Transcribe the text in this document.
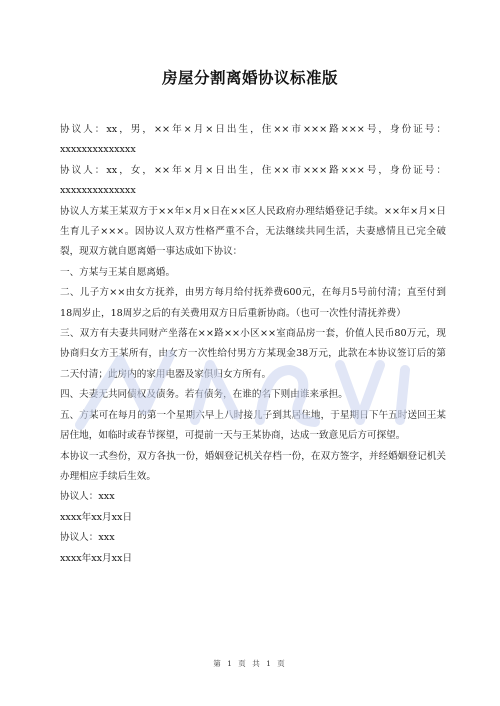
房屋分割离婚协议标准版

协议人：xx，男，××年×月×日出生，住××市×××路×××号，身份证号：xxxxxxxxxxxxxx

协议人：xx，女，××年×月×日出生，住××市×××路×××号，身份证号：xxxxxxxxxxxxxx

协议人方某王某双方于××年×月×日在××区人民政府办理结婚登记手续。××年×月×日生育儿子×××。因协议人双方性格严重不合，无法继续共同生活，夫妻感情且已完全破裂，现双方就自愿离婚一事达成如下协议：

一、方某与王某自愿离婚。

二、儿子方××由女方抚养，由男方每月给付抚养费600元，在每月5号前付清；直至付到18周岁止，18周岁之后的有关费用双方日后重新协商。（也可一次性付清抚养费）

三、双方有夫妻共同财产坐落在××路××小区××室商品房一套，价值人民币80万元，现协商归女方王某所有，由女方一次性给付男方方某现金38万元，此款在本协议签订后的第二天付清；此房内的家用电器及家俱归女方所有。

四、夫妻无共同债权及债务。若有债务，在谁的名下则由谁来承担。

五、方某可在每月的第一个星期六早上八时接儿子到其居住地，于星期日下午五时送回王某居住地，如临时或春节探望，可提前一天与王某协商，达成一致意见后方可探望。

本协议一式叁份，双方各执一份，婚姻登记机关存档一份，在双方签字，并经婚姻登记机关办理相应手续后生效。

协议人：xxx

xxxx年xx月xx日

协议人：xxx

xxxx年xx月xx日

第 1 页 共 1 页
